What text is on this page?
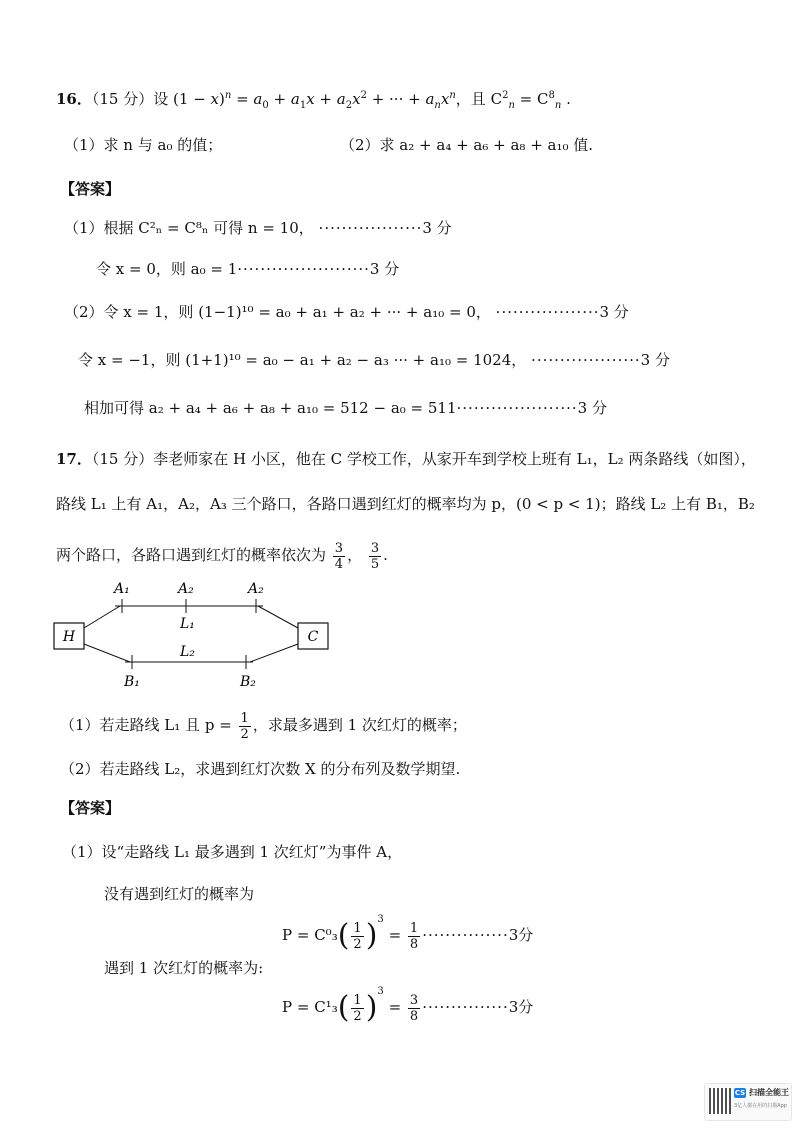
16．（15 分）设 $(1 - x)^n = a_0 + a_1x + a_2x^2$ + ··· + $a_nx^n$，且 $C^2_n = C^8_n$ .
（1）求 n 与 a₀ 的值；	（2）求 a₂ + a₄ + a₆ + a₈ + a₁₀ 值.
【答案】
（1）根据 C²ₙ = C⁸ₙ 可得 n = 10， ··················3 分
令 x = 0，则 a₀ = 1·······················3 分
（2）令 x = 1，则 (1−1)¹⁰ = a₀ + a₁ + a₂ + ··· + a₁₀ = 0， ··················3 分
令 x = −1，则 (1+1)¹⁰ = a₀ − a₁ + a₂ − a₃ ··· + a₁₀ = 1024， ···················3 分
相加可得 a₂ + a₄ + a₆ + a₈ + a₁₀ = 512 − a₀ = 511·····················3 分
17．（15 分）李老师家在 H 小区，他在 C 学校工作，从家开车到学校上班有 L₁，L₂ 两条路线（如图），
路线 L₁ 上有 A₁，A₂，A₃ 三个路口，各路口遇到红灯的概率均为 p，(0 < p < 1)；路线 L₂ 上有 B₁，B₂
两个路口，各路口遇到红灯的概率依次为 $\frac{3}{4}$ ， $\frac{3}{5}$ .
H	C
A₁	A₂	A₂
L₁
L₂
B₁	B₂
（1）若走路线 L₁ 且 $p = \frac{1}{2}$ ，求最多遇到 1 次红灯的概率；
（2）若走路线 L₂，求遇到红灯次数 X 的分布列及数学期望.
【答案】
（1）设“走路线 L₁ 最多遇到 1 次红灯”为事件 A，
没有遇到红灯的概率为
$P = C^0_3( \frac{1}{2} )^3 = \frac{1}{8} \cdot\cdot\cdot\cdot\cdot\cdot\cdot\cdot\cdot\cdot\cdot\cdot\cdot\cdot\cdot 3$分
遇到 1 次红灯的概率为:
$P = C^1_3( \frac{1}{2} )^3 = \frac{3}{8} \cdot\cdot\cdot\cdot\cdot\cdot\cdot\cdot\cdot\cdot\cdot\cdot\cdot\cdot\cdot 3$分
CS 扫描全能王
3亿人都在用的扫描App
